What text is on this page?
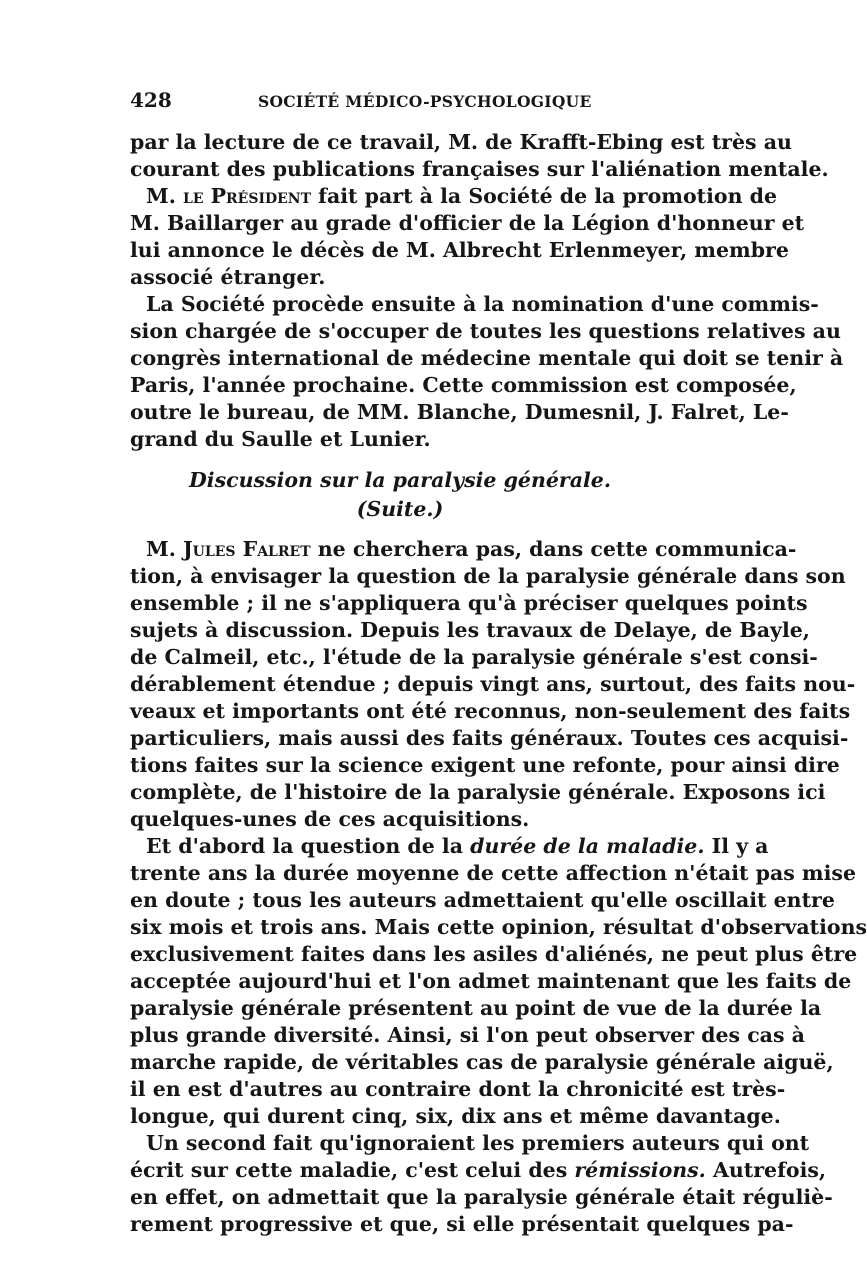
428	SOCIÉTÉ MÉDICO-PSYCHOLOGIQUE
par la lecture de ce travail, M. de Krafft-Ebing est très au
courant des publications françaises sur l'aliénation mentale.
M. le Président fait part à la Société de la promotion de
M. Baillarger au grade d'officier de la Légion d'honneur et
lui annonce le décès de M. Albrecht Erlenmeyer, membre
associé étranger.
La Société procède ensuite à la nomination d'une commis-
sion chargée de s'occuper de toutes les questions relatives au
congrès international de médecine mentale qui doit se tenir à
Paris, l'année prochaine. Cette commission est composée,
outre le bureau, de MM. Blanche, Dumesnil, J. Falret, Le-
grand du Saulle et Lunier.
Discussion sur la paralysie générale.
(Suite.)
M. Jules Falret ne cherchera pas, dans cette communica-
tion, à envisager la question de la paralysie générale dans son
ensemble ; il ne s'appliquera qu'à préciser quelques points
sujets à discussion. Depuis les travaux de Delaye, de Bayle,
de Calmeil, etc., l'étude de la paralysie générale s'est consi-
dérablement étendue ; depuis vingt ans, surtout, des faits nou-
veaux et importants ont été reconnus, non-seulement des faits
particuliers, mais aussi des faits généraux. Toutes ces acquisi-
tions faites sur la science exigent une refonte, pour ainsi dire
complète, de l'histoire de la paralysie générale. Exposons ici
quelques-unes de ces acquisitions.
Et d'abord la question de la durée de la maladie. Il y a
trente ans la durée moyenne de cette affection n'était pas mise
en doute ; tous les auteurs admettaient qu'elle oscillait entre
six mois et trois ans. Mais cette opinion, résultat d'observations
exclusivement faites dans les asiles d'aliénés, ne peut plus être
acceptée aujourd'hui et l'on admet maintenant que les faits de
paralysie générale présentent au point de vue de la durée la
plus grande diversité. Ainsi, si l'on peut observer des cas à
marche rapide, de véritables cas de paralysie générale aiguë,
il en est d'autres au contraire dont la chronicité est très-
longue, qui durent cinq, six, dix ans et même davantage.
Un second fait qu'ignoraient les premiers auteurs qui ont
écrit sur cette maladie, c'est celui des rémissions. Autrefois,
en effet, on admettait que la paralysie générale était réguliè-
rement progressive et que, si elle présentait quelques pa-
